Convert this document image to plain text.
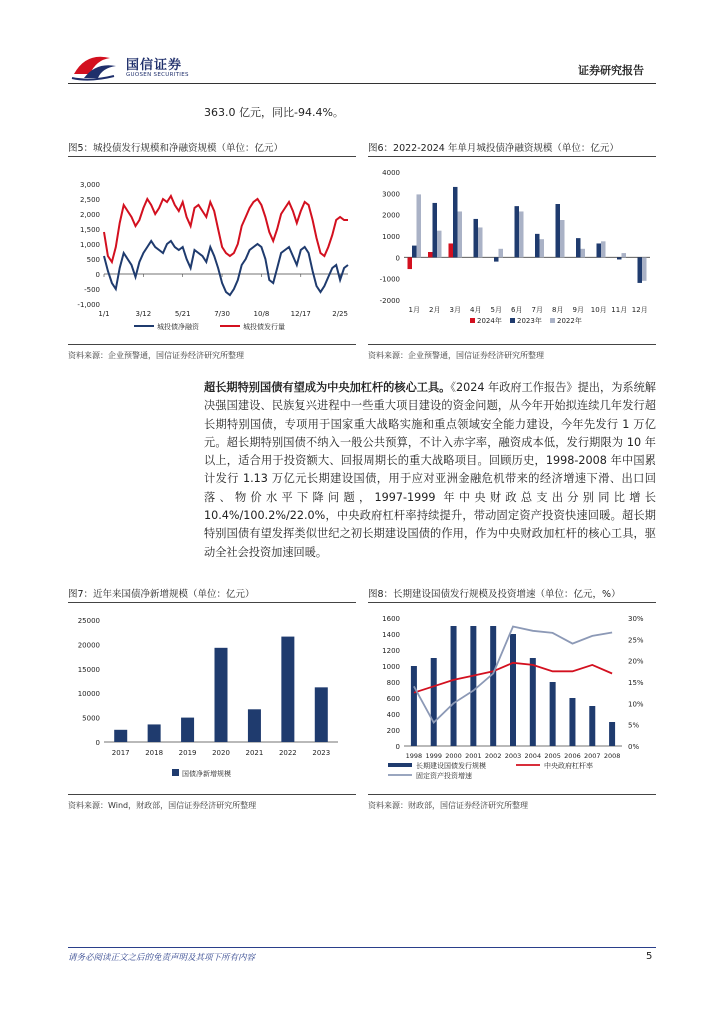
国信证券
GUOSEN SECURITIES	证券研究报告
363.0 亿元，同比-94.4%。
图5：城投债发行规模和净融资规模（单位：亿元）
3,000
2,500
2,000
1,500
1,000
500
0
-500
-1,000
1/1	3/12	5/21	7/30	10/8	12/17	2/25
城投债净融资	城投债发行量
资料来源：企业预警通，国信证券经济研究所整理
图6：2022-2024 年单月城投债净融资规模（单位：亿元）
4000
3000
2000
1000
0
-1000
-2000
1月 2月 3月 4月 5月 6月 7月 8月 9月 10月 11月 12月
2024年 2023年 2022年
资料来源：企业预警通，国信证券经济研究所整理
超长期特别国债有望成为中央加杠杆的核心工具。《2024 年政府工作报告》提出，为系统解决强国建设、民族复兴进程中一些重大项目建设的资金问题，从今年开始拟连续几年发行超长期特别国债，专项用于国家重大战略实施和重点领域安全能力建设，今年先发行 1 万亿元。超长期特别国债不纳入一般公共预算，不计入赤字率，融资成本低，发行期限为 10 年以上，适合用于投资额大、回报周期长的重大战略项目。回顾历史，1998-2008 年中国累计发行 1.13 万亿元长期建设国债，用于应对亚洲金融危机带来的经济增速下滑、出口回落、物价水平下降问题，1997-1999 年中央财政总支出分别同比增长 10.4%/100.2%/22.0%，中央政府杠杆率持续提升，带动固定资产投资快速回暖。超长期特别国债有望发挥类似世纪之初长期建设国债的作用，作为中央财政加杠杆的核心工具，驱动全社会投资加速回暖。
图7：近年来国债净新增规模（单位：亿元）
25000
20000
15000
10000
5000
0
2017 2018 2019 2020 2021 2022 2023
国债净新增规模
资料来源：Wind，财政部，国信证券经济研究所整理
图8：长期建设国债发行规模及投资增速（单位：亿元，%）
1600
1400
1200
1000
800
600
400
200
0
30%
25%
20%
15%
10%
5%
0%
1998 1999 2000 2001 2002 2003 2004 2005 2006 2007 2008
长期建设国债发行规模	中央政府杠杆率
固定资产投资增速
资料来源：财政部，国信证券经济研究所整理
请务必阅读正文之后的免责声明及其项下所有内容	5
